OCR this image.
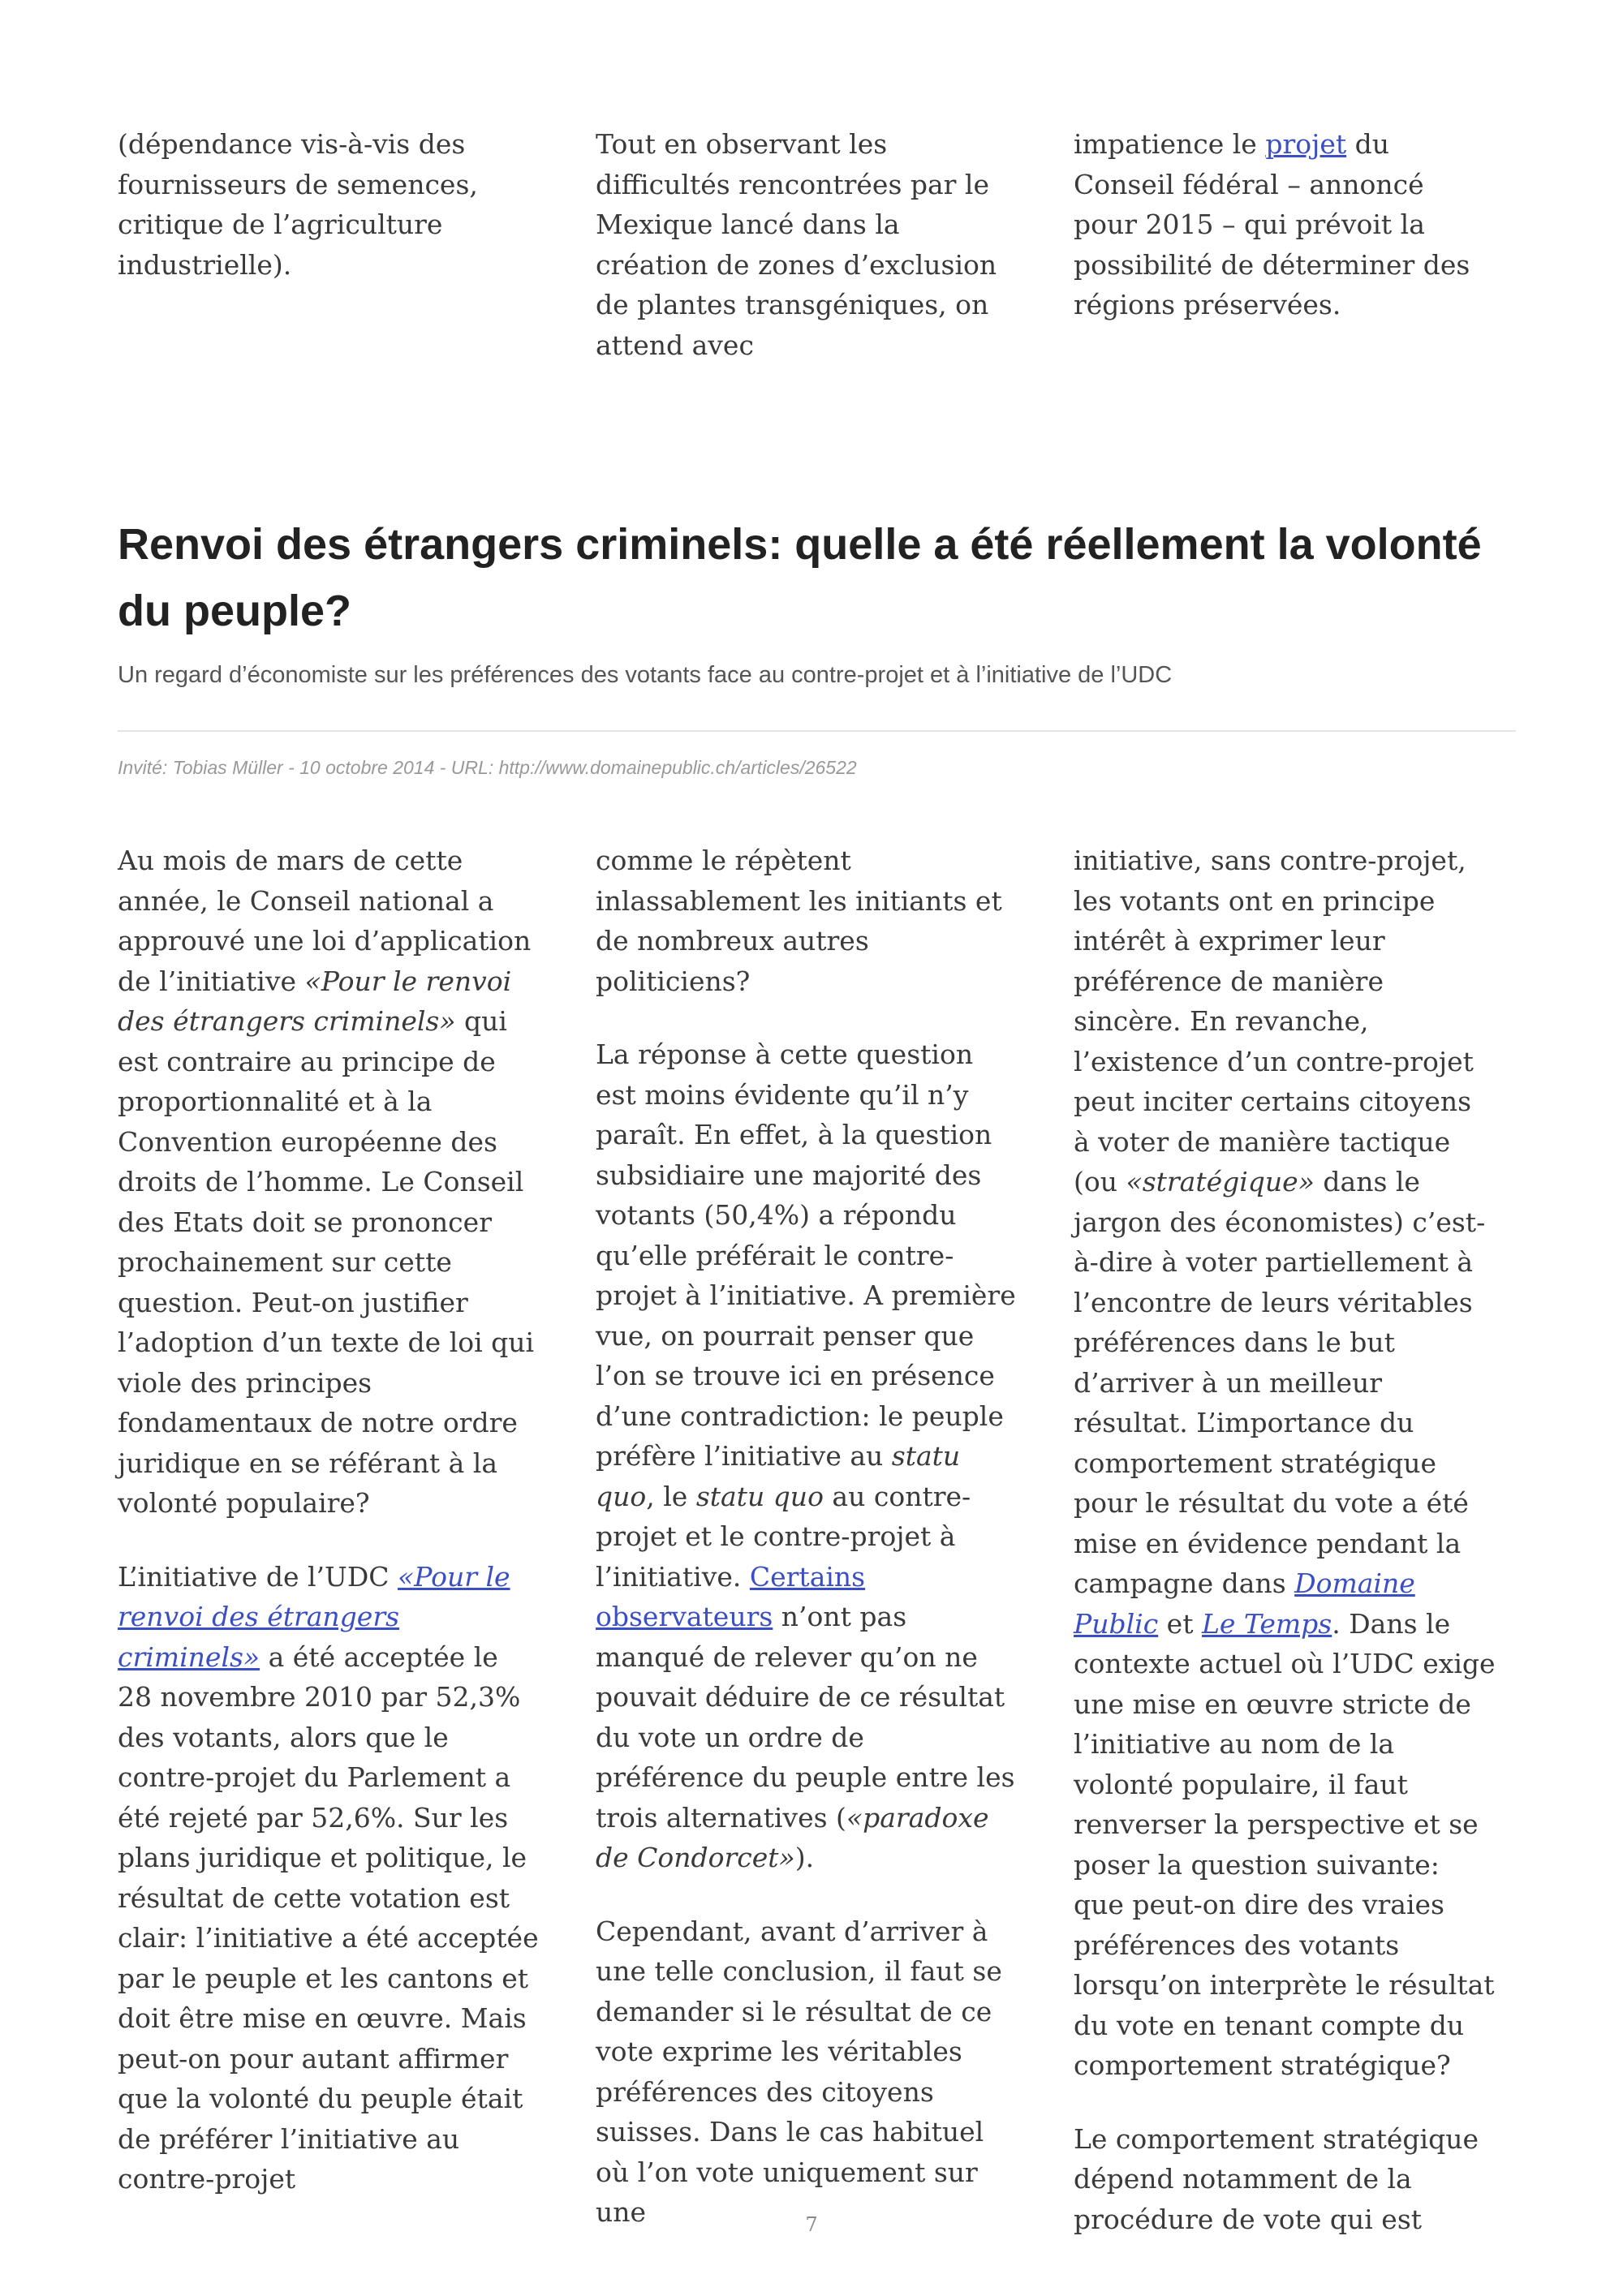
(dépendance vis-à-vis des fournisseurs de semences, critique de l’agriculture industrielle).

Tout en observant les difficultés rencontrées par le Mexique lancé dans la création de zones d’exclusion de plantes transgéniques, on attend avec

impatience le projet du Conseil fédéral – annoncé pour 2015 – qui prévoit la possibilité de déterminer des régions préservées.

Renvoi des étrangers criminels: quelle a été réellement la volonté du peuple?

Un regard d’économiste sur les préférences des votants face au contre-projet et à l’initiative de l’UDC

Invité: Tobias Müller - 10 octobre 2014 - URL: http://www.domainepublic.ch/articles/26522

Au mois de mars de cette année, le Conseil national a approuvé une loi d’application de l’initiative «Pour le renvoi des étrangers criminels» qui est contraire au principe de proportionnalité et à la Convention européenne des droits de l’homme. Le Conseil des Etats doit se prononcer prochainement sur cette question. Peut-on justifier l’adoption d’un texte de loi qui viole des principes fondamentaux de notre ordre juridique en se référant à la volonté populaire?

L’initiative de l’UDC «Pour le renvoi des étrangers criminels» a été acceptée le 28 novembre 2010 par 52,3% des votants, alors que le contre-projet du Parlement a été rejeté par 52,6%. Sur les plans juridique et politique, le résultat de cette votation est clair: l’initiative a été acceptée par le peuple et les cantons et doit être mise en œuvre. Mais peut-on pour autant affirmer que la volonté du peuple était de préférer l’initiative au contre-projet

comme le répètent inlassablement les initiants et de nombreux autres politiciens?

La réponse à cette question est moins évidente qu’il n’y paraît. En effet, à la question subsidiaire une majorité des votants (50,4%) a répondu qu’elle préférait le contre-projet à l’initiative. A première vue, on pourrait penser que l’on se trouve ici en présence d’une contradiction: le peuple préfère l’initiative au statu quo, le statu quo au contre-projet et le contre-projet à l’initiative. Certains observateurs n’ont pas manqué de relever qu’on ne pouvait déduire de ce résultat du vote un ordre de préférence du peuple entre les trois alternatives («paradoxe de Condorcet»).

Cependant, avant d’arriver à une telle conclusion, il faut se demander si le résultat de ce vote exprime les véritables préférences des citoyens suisses. Dans le cas habituel où l’on vote uniquement sur une

initiative, sans contre-projet, les votants ont en principe intérêt à exprimer leur préférence de manière sincère. En revanche, l’existence d’un contre-projet peut inciter certains citoyens à voter de manière tactique (ou «stratégique» dans le jargon des économistes) c’est-à-dire à voter partiellement à l’encontre de leurs véritables préférences dans le but d’arriver à un meilleur résultat. L’importance du comportement stratégique pour le résultat du vote a été mise en évidence pendant la campagne dans Domaine Public et Le Temps. Dans le contexte actuel où l’UDC exige une mise en œuvre stricte de l’initiative au nom de la volonté populaire, il faut renverser la perspective et se poser la question suivante: que peut-on dire des vraies préférences des votants lorsqu’on interprète le résultat du vote en tenant compte du comportement stratégique?

Le comportement stratégique dépend notamment de la procédure de vote qui est

7
